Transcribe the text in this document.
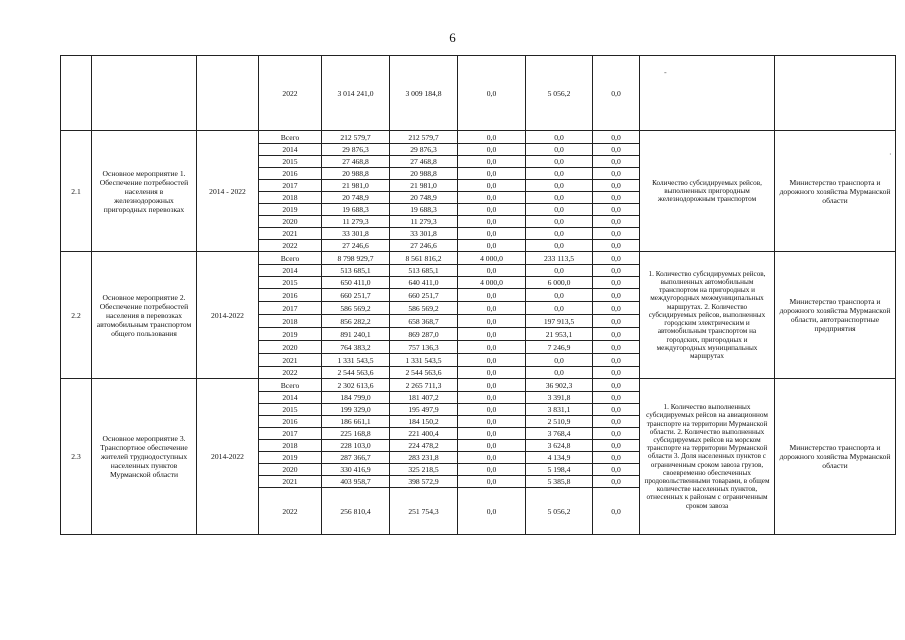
6
			2022	3 014 241,0	3 009 184,8	0,0	5 056,2	0,0		
2.1	Основное мероприятие 1. Обеспечение потребностей населения в железнодорожных пригородных перевозках	2014 - 2022	Всего	212 579,7	212 579,7	0,0	0,0	0,0	Количество субсидируемых рейсов, выполненных пригородным железнодорожным транспортом	Министерство транспорта и дорожного хозяйства Мурманской области
			2014	29 876,3	29 876,3	0,0	0,0	0,0		
			2015	27 468,8	27 468,8	0,0	0,0	0,0		
			2016	20 988,8	20 988,8	0,0	0,0	0,0		
			2017	21 981,0	21 981,0	0,0	0,0	0,0		
			2018	20 748,9	20 748,9	0,0	0,0	0,0		
			2019	19 688,3	19 688,3	0,0	0,0	0,0		
			2020	11 279,3	11 279,3	0,0	0,0	0,0		
			2021	33 301,8	33 301,8	0,0	0,0	0,0		
			2022	27 246,6	27 246,6	0,0	0,0	0,0		
2.2	Основное мероприятие 2. Обеспечение потребностей населения в перевозках автомобильным транспортом общего пользования	2014-2022	Всего	8 798 929,7	8 561 816,2	4 000,0	233 113,5	0,0	1. Количество субсидируемых рейсов, выполненных автомобильным транспортом на пригородных и междугородных межмуниципальных маршрутах. 2. Количество субсидируемых рейсов, выполненных городским электрическим и автомобильным транспортом на городских, пригородных и междугородных муниципальных маршрутах	Министерство транспорта и дорожного хозяйства Мурманской области, автотранспортные предприятия
			2014	513 685,1	513 685,1	0,0	0,0	0,0		
			2015	650 411,0	640 411,0	4 000,0	6 000,0	0,0		
			2016	660 251,7	660 251,7	0,0	0,0	0,0		
			2017	586 569,2	586 569,2	0,0	0,0	0,0		
			2018	856 282,2	658 368,7	0,0	197 913,5	0,0		
			2019	891 240,1	869 287,0	0,0	21 953,1	0,0		
			2020	764 383,2	757 136,3	0,0	7 246,9	0,0		
			2021	1 331 543,5	1 331 543,5	0,0	0,0	0,0		
			2022	2 544 563,6	2 544 563,6	0,0	0,0	0,0		
2.3	Основное мероприятие 3. Транспортное обеспечение жителей труднодоступных населенных пунктов Мурманской области	2014-2022	Всего	2 302 613,6	2 265 711,3	0,0	36 902,3	0,0	1. Количество выполненных субсидируемых рейсов на авиационном транспорте на территории Мурманской области. 2. Количество выполненных субсидируемых рейсов на морском транспорте на территории Мурманской области 3. Доля населенных пунктов с ограниченным сроком завоза грузов, своевременно обеспеченных продовольственными товарами, в общем количестве населенных пунктов, отнесенных к районам с ограниченным сроком завоза	Министерство транспорта и дорожного хозяйства Мурманской области
			2014	184 799,0	181 407,2	0,0	3 391,8	0,0		
			2015	199 329,0	195 497,9	0,0	3 831,1	0,0		
			2016	186 661,1	184 150,2	0,0	2 510,9	0,0		
			2017	225 168,8	221 400,4	0,0	3 768,4	0,0		
			2018	228 103,0	224 478,2	0,0	3 624,8	0,0		
			2019	287 366,7	283 231,8	0,0	4 134,9	0,0		
			2020	330 416,9	325 218,5	0,0	5 198,4	0,0		
			2021	403 958,7	398 572,9	0,0	5 385,8	0,0		
			2022	256 810,4	251 754,3	0,0	5 056,2	0,0		
-
·
